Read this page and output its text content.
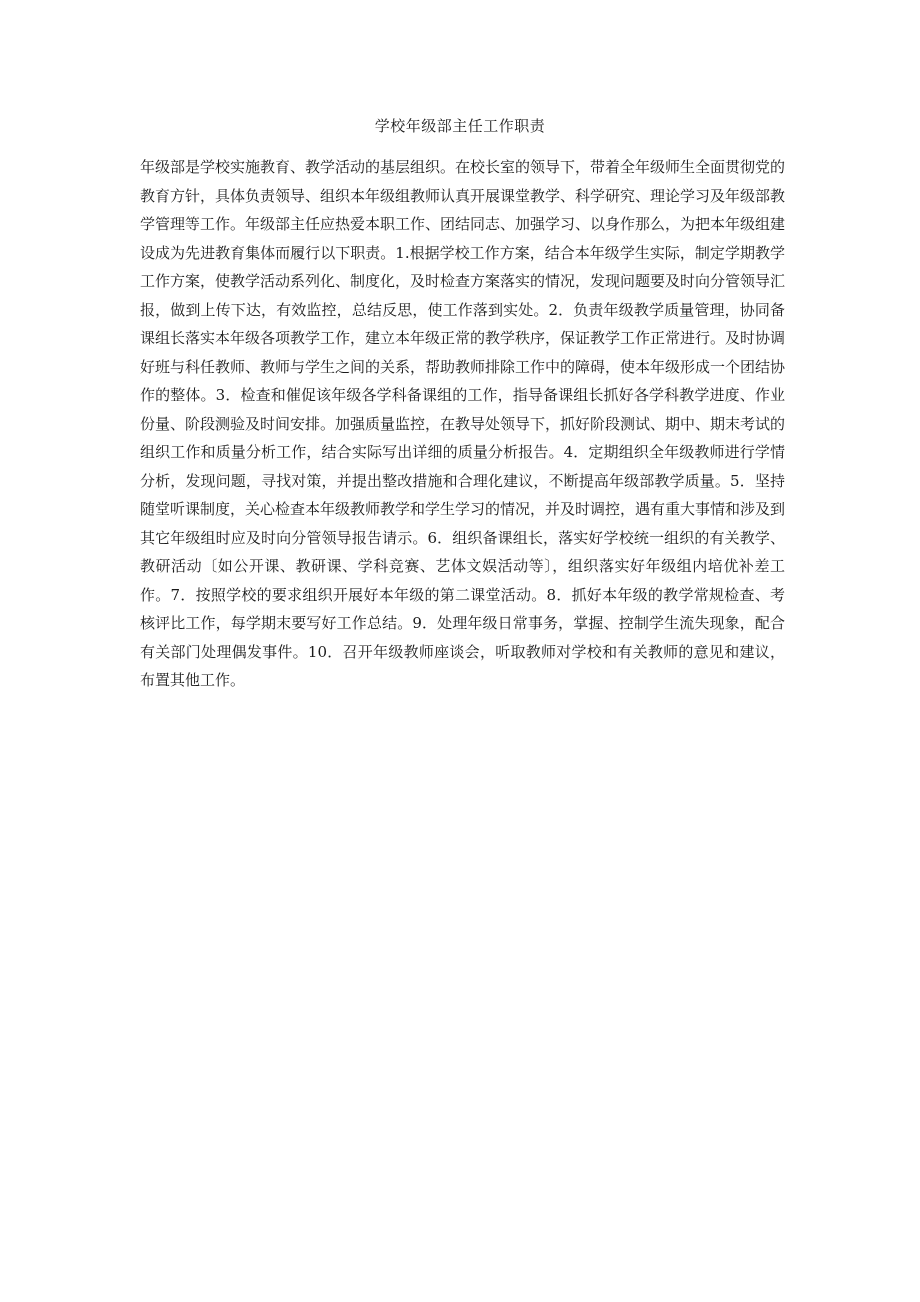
学校年级部主任工作职责

年级部是学校实施教育、教学活动的基层组织。在校长室的领导下，带着全年级师生全面贯彻党的教育方针，具体负责领导、组织本年级组教师认真开展课堂教学、科学研究、理论学习及年级部教学管理等工作。年级部主任应热爱本职工作、团结同志、加强学习、以身作那么，为把本年级组建设成为先进教育集体而履行以下职责。1.根据学校工作方案，结合本年级学生实际，制定学期教学工作方案，使教学活动系列化、制度化，及时检查方案落实的情况，发现问题要及时向分管领导汇报，做到上传下达，有效监控，总结反思，使工作落到实处。2．负责年级教学质量管理，协同备课组长落实本年级各项教学工作，建立本年级正常的教学秩序，保证教学工作正常进行。及时协调好班与科任教师、教师与学生之间的关系，帮助教师排除工作中的障碍，使本年级形成一个团结协作的整体。3．检查和催促该年级各学科备课组的工作，指导备课组长抓好各学科教学进度、作业份量、阶段测验及时间安排。加强质量监控，在教导处领导下，抓好阶段测试、期中、期末考试的组织工作和质量分析工作，结合实际写出详细的质量分析报告。4．定期组织全年级教师进行学情分析，发现问题，寻找对策，并提出整改措施和合理化建议，不断提高年级部教学质量。5．坚持随堂听课制度，关心检查本年级教师教学和学生学习的情况，并及时调控，遇有重大事情和涉及到其它年级组时应及时向分管领导报告请示。6．组织备课组长，落实好学校统一组织的有关教学、教研活动〔如公开课、教研课、学科竞赛、艺体文娱活动等〕，组织落实好年级组内培优补差工作。7．按照学校的要求组织开展好本年级的第二课堂活动。8．抓好本年级的教学常规检查、考核评比工作，每学期末要写好工作总结。9．处理年级日常事务，掌握、控制学生流失现象，配合有关部门处理偶发事件。10．召开年级教师座谈会，听取教师对学校和有关教师的意见和建议，布置其他工作。
